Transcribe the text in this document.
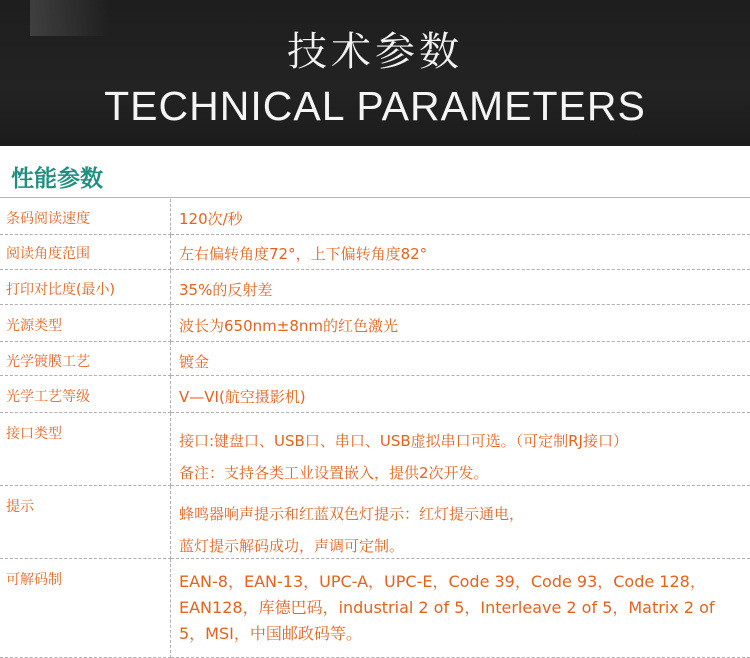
技术参数
TECHNICAL PARAMETERS
性能参数
条码阅读速度	120次/秒

阅读角度范围	左右偏转角度72°，上下偏转角度82°

打印对比度(最小)	35%的反射差

光源类型	波长为650nm±8nm的红色激光

光学镀膜工艺	镀金

光学工艺等级	V—VI(航空摄影机)

接口类型	接口:键盘口、USB口、串口、USB虚拟串口可选。（可定制RJ接口）
备注：支持各类工业设置嵌入，提供2次开发。

提示	蜂鸣器响声提示和红蓝双色灯提示：红灯提示通电，
蓝灯提示解码成功，声调可定制。

可解码制	EAN-8，EAN-13，UPC-A，UPC-E，Code 39，Code 93，Code 128，EAN128，库德巴码，industrial 2 of 5，Interleave 2 of 5，Matrix 2 of 5，MSI，中国邮政码等。
